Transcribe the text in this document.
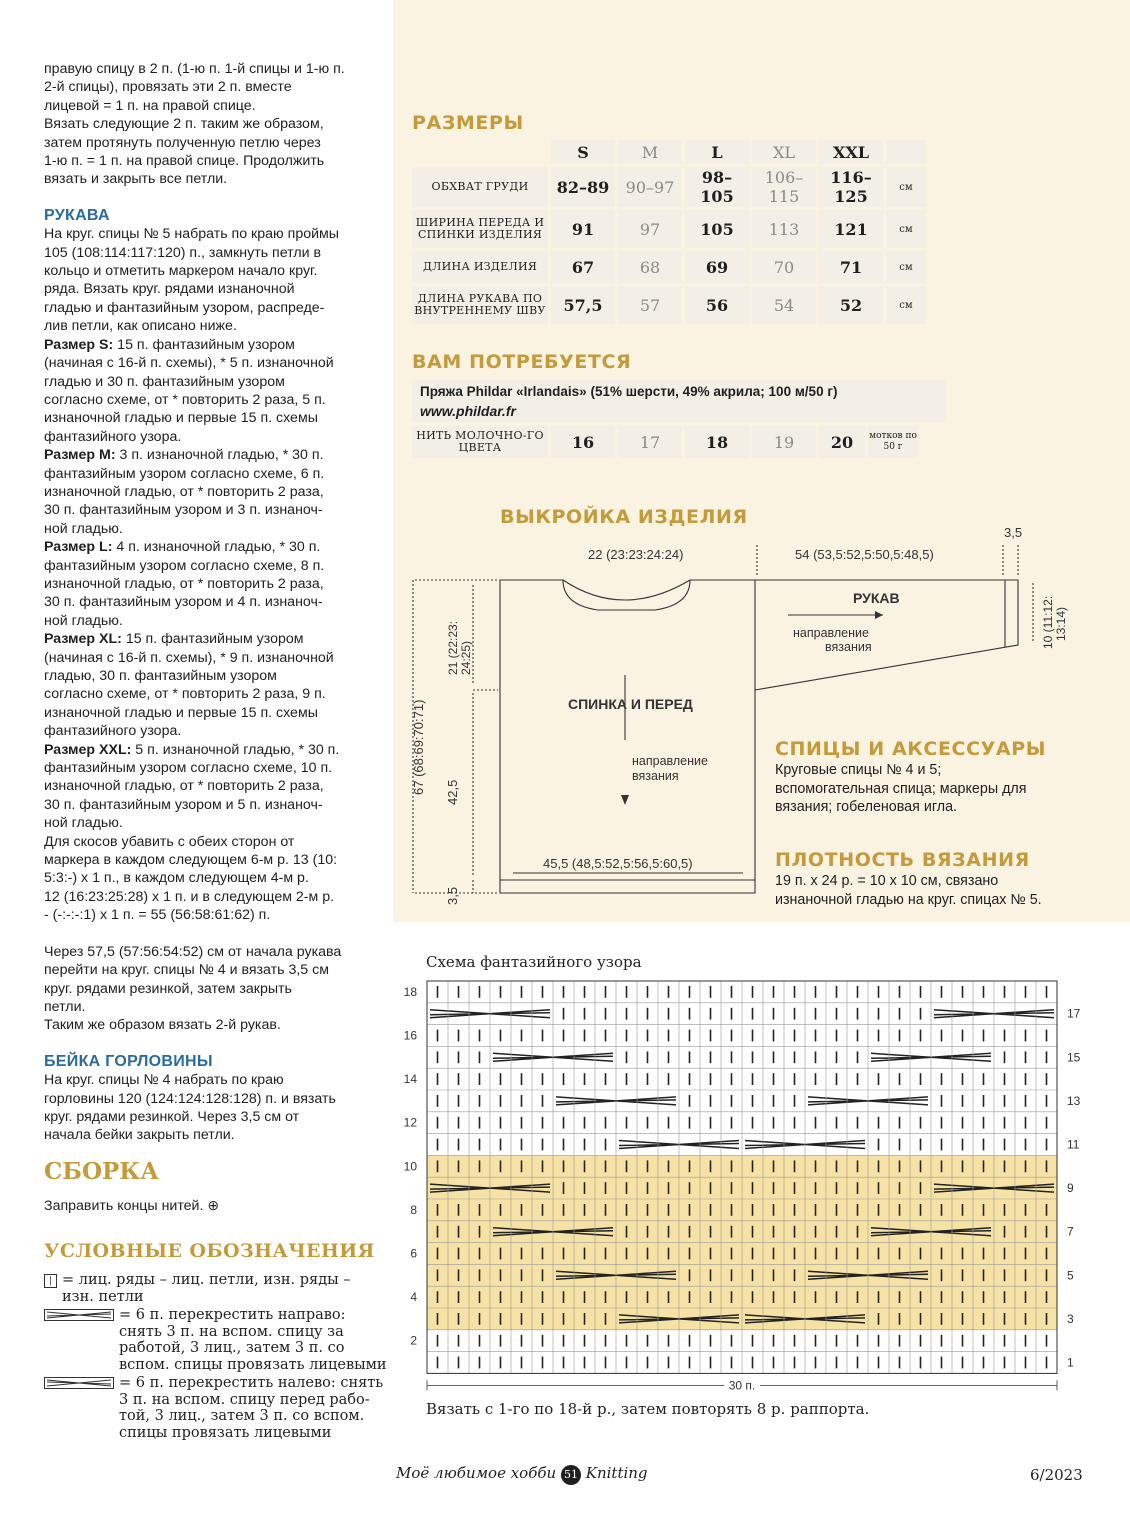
правую спицу в 2 п. (1-ю п. 1-й спицы и 1-ю п.
2-й спицы), провязать эти 2 п. вместе
лицевой = 1 п. на правой спице.
Вязать следующие 2 п. таким же образом,
затем протянуть полученную петлю через
1-ю п. = 1 п. на правой спице. Продолжить
вязать и закрыть все петли.

РУКАВА

На круг. спицы № 5 набрать по краю проймы
105 (108:114:117:120) п., замкнуть петли в
кольцо и отметить маркером начало круг.
ряда. Вязать круг. рядами изнаночной
гладью и фантазийным узором, распреде-
лив петли, как описано ниже.
Размер S: 15 п. фантазийным узором
(начиная с 16-й п. схемы), * 5 п. изнаночной
гладью и 30 п. фантазийным узором
согласно схеме, от * повторить 2 раза, 5 п.
изнаночной гладью и первые 15 п. схемы
фантазийного узора.
Размер M: 3 п. изнаночной гладью, * 30 п.
фантазийным узором согласно схеме, 6 п.
изнаночной гладью, от * повторить 2 раза,
30 п. фантазийным узором и 3 п. изнаноч-
ной гладью.
Размер L: 4 п. изнаночной гладью, * 30 п.
фантазийным узором согласно схеме, 8 п.
изнаночной гладью, от * повторить 2 раза,
30 п. фантазийным узором и 4 п. изнаноч-
ной гладью.
Размер XL: 15 п. фантазийным узором
(начиная с 16-й п. схемы), * 9 п. изнаночной
гладью, 30 п. фантазийным узором
согласно схеме, от * повторить 2 раза, 9 п.
изнаночной гладью и первые 15 п. схемы
фантазийного узора.
Размер XXL: 5 п. изнаночной гладью, * 30 п.
фантазийным узором согласно схеме, 10 п.
изнаночной гладью, от * повторить 2 раза,
30 п. фантазийным узором и 5 п. изнаноч-
ной гладью.
Для скосов убавить с обеих сторон от
маркера в каждом следующем 6-м р. 13 (10:
5:3:-) х 1 п., в каждом следующем 4-м р.
12 (16:23:25:28) х 1 п. и в следующем 2-м р.
- (-:-:-:1) х 1 п. = 55 (56:58:61:62) п.
Через 57,5 (57:56:54:52) см от начала рукава
перейти на круг. спицы № 4 и вязать 3,5 см
круг. рядами резинкой, затем закрыть
петли.
Таким же образом вязать 2-й рукав.

БЕЙКА ГОРЛОВИНЫ

На круг. спицы № 4 набрать по краю
горловины 120 (124:124:128:128) п. и вязать
круг. рядами резинкой. Через 3,5 см от
начала бейки закрыть петли.

СБОРКА

Заправить концы нитей. ⊕

УСЛОВНЫЕ ОБОЗНАЧЕНИЯ

| = лиц. ряды – лиц. петли, изн. ряды –
изн. петли
= 6 п. перекрестить направо:
снять 3 п. на вспом. спицу за
работой, 3 лиц., затем 3 п. со
вспом. спицы провязать лицевыми
= 6 п. перекрестить налево: снять
3 п. на вспом. спицу перед рабо-
той, 3 лиц., затем 3 п. со вспом.
спицы провязать лицевыми
РАЗМЕРЫ
	S	M	L	XL	XXL	
ОБХВАТ ГРУДИ	82–89	90–97	98–105	106–115	116–125	см
ШИРИНА ПЕРЕДА И СПИНКИ ИЗДЕЛИЯ	91	97	105	113	121	см
ДЛИНА ИЗДЕЛИЯ	67	68	69	70	71	см
ДЛИНА РУКАВА ПО ВНУТРЕННЕМУ ШВУ	57,5	57	56	54	52	см
ВАМ ПОТРЕБУЕТСЯ
Пряжа Phildar «Irlandais» (51% шерсти, 49% акрила; 100 м/50 г)
www.phildar.fr
НИТЬ МОЛОЧНО-ГО ЦВЕТА	16	17	18	19	20	мотков по 50 г
ВЫКРОЙКА ИЗДЕЛИЯ
22 (23:23:24:24)	54 (53,5:52,5:50,5:48,5)
3,5
РУКАВ
направление
вязания
СПИНКА И ПЕРЕД
направление
вязания
45,5 (48,5:52,5:56,5:60,5)
67 (68:69:70:71)
21 (22:23: 24:25)
42,5
3,5
10 (11:12: 13:14)
СПИЦЫ И АКСЕССУАРЫ
Круговые спицы № 4 и 5;
вспомогательная спица; маркеры для
вязания; гобеленовая игла.
ПЛОТНОСТЬ ВЯЗАНИЯ
19 п. х 24 р. = 10 х 10 см, связано
изнаночной гладью на круг. спицах № 5.
Схема фантазийного узора
18
16
14
12
10
8
6
4
2
17
15
13
11
9
7
5
3
1
30 п.
Вязать с 1-го по 18-й р., затем повторять 8 р. раппорта.
Моё любимое хобби 51 Knitting	6/2023
